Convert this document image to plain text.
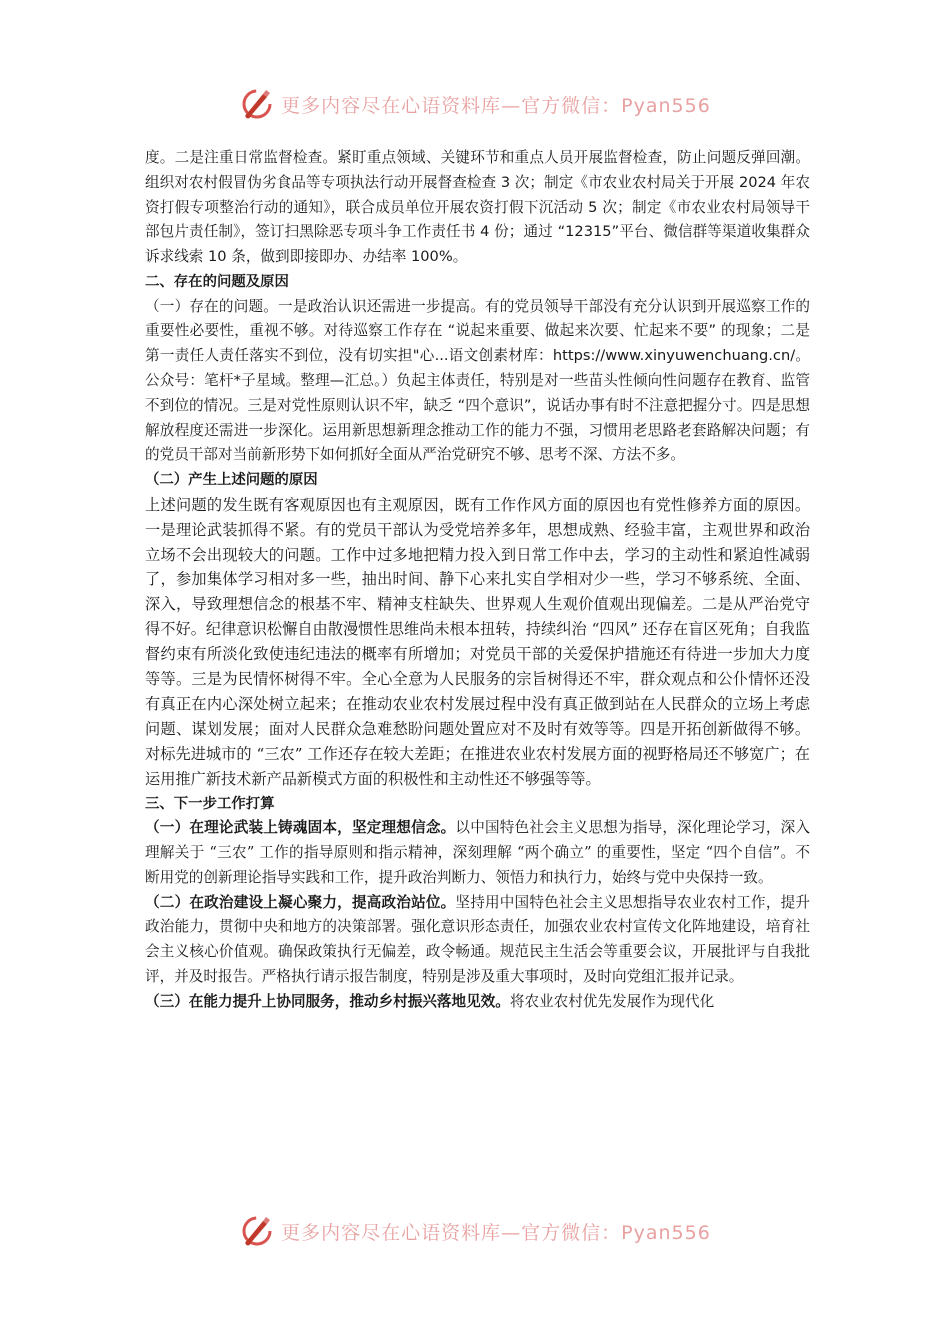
更多内容尽在心语资料库—官方微信：Pyan556

度。二是注重日常监督检查。紧盯重点领域、关键环节和重点人员开展监督检查，防止问题反弹回潮。组织对农村假冒伪劣食品等专项执法行动开展督查检查 3 次；制定《市农业农村局关于开展 2024 年农资打假专项整治行动的通知》，联合成员单位开展农资打假下沉活动 5 次；制定《市农业农村局领导干部包片责任制》，签订扫黑除恶专项斗争工作责任书 4 份；通过 “12315”平台、微信群等渠道收集群众诉求线索 10 条，做到即接即办、办结率 100%。

二、存在的问题及原因

（一）存在的问题。一是政治认识还需进一步提高。有的党员领导干部没有充分认识到开展巡察工作的重要性必要性，重视不够。对待巡察工作存在 “说起来重要、做起来次要、忙起来不要” 的现象；二是第一责任人责任落实不到位，没有切实担"心...语文创素材库：https://www.xinyuwenchuang.cn/。公众号：笔杆*子星域。整理—汇总。）负起主体责任，特别是对一些苗头性倾向性问题存在教育、监管不到位的情况。三是对党性原则认识不牢，缺乏 “四个意识”，说话办事有时不注意把握分寸。四是思想解放程度还需进一步深化。运用新思想新理念推动工作的能力不强，习惯用老思路老套路解决问题；有的党员干部对当前新形势下如何抓好全面从严治党研究不够、思考不深、方法不多。

（二）产生上述问题的原因

上述问题的发生既有客观原因也有主观原因，既有工作作风方面的原因也有党性修养方面的原因。一是理论武装抓得不紧。有的党员干部认为受党培养多年，思想成熟、经验丰富，主观世界和政治立场不会出现较大的问题。工作中过多地把精力投入到日常工作中去，学习的主动性和紧迫性减弱了，参加集体学习相对多一些，抽出时间、静下心来扎实自学相对少一些，学习不够系统、全面、深入，导致理想信念的根基不牢、精神支柱缺失、世界观人生观价值观出现偏差。二是从严治党守得不好。纪律意识松懈自由散漫惯性思维尚未根本扭转，持续纠治 “四风” 还存在盲区死角；自我监督约束有所淡化致使违纪违法的概率有所增加；对党员干部的关爱保护措施还有待进一步加大力度等等。三是为民情怀树得不牢。全心全意为人民服务的宗旨树得还不牢，群众观点和公仆情怀还没有真正在内心深处树立起来；在推动农业农村发展过程中没有真正做到站在人民群众的立场上考虑问题、谋划发展；面对人民群众急难愁盼问题处置应对不及时有效等等。四是开拓创新做得不够。对标先进城市的 “三农” 工作还存在较大差距；在推进农业农村发展方面的视野格局还不够宽广；在运用推广新技术新产品新模式方面的积极性和主动性还不够强等等。

三、下一步工作打算

（一）在理论武装上铸魂固本，坚定理想信念。以中国特色社会主义思想为指导，深化理论学习，深入理解关于 “三农” 工作的指导原则和指示精神，深刻理解 “两个确立” 的重要性，坚定 “四个自信”。不断用党的创新理论指导实践和工作，提升政治判断力、领悟力和执行力，始终与党中央保持一致。

（二）在政治建设上凝心聚力，提高政治站位。坚持用中国特色社会主义思想指导农业农村工作，提升政治能力，贯彻中央和地方的决策部署。强化意识形态责任，加强农业农村宣传文化阵地建设，培育社会主义核心价值观。确保政策执行无偏差，政令畅通。规范民主生活会等重要会议，开展批评与自我批评，并及时报告。严格执行请示报告制度，特别是涉及重大事项时，及时向党组汇报并记录。

（三）在能力提升上协同服务，推动乡村振兴落地见效。将农业农村优先发展作为现代化

更多内容尽在心语资料库—官方微信：Pyan556
